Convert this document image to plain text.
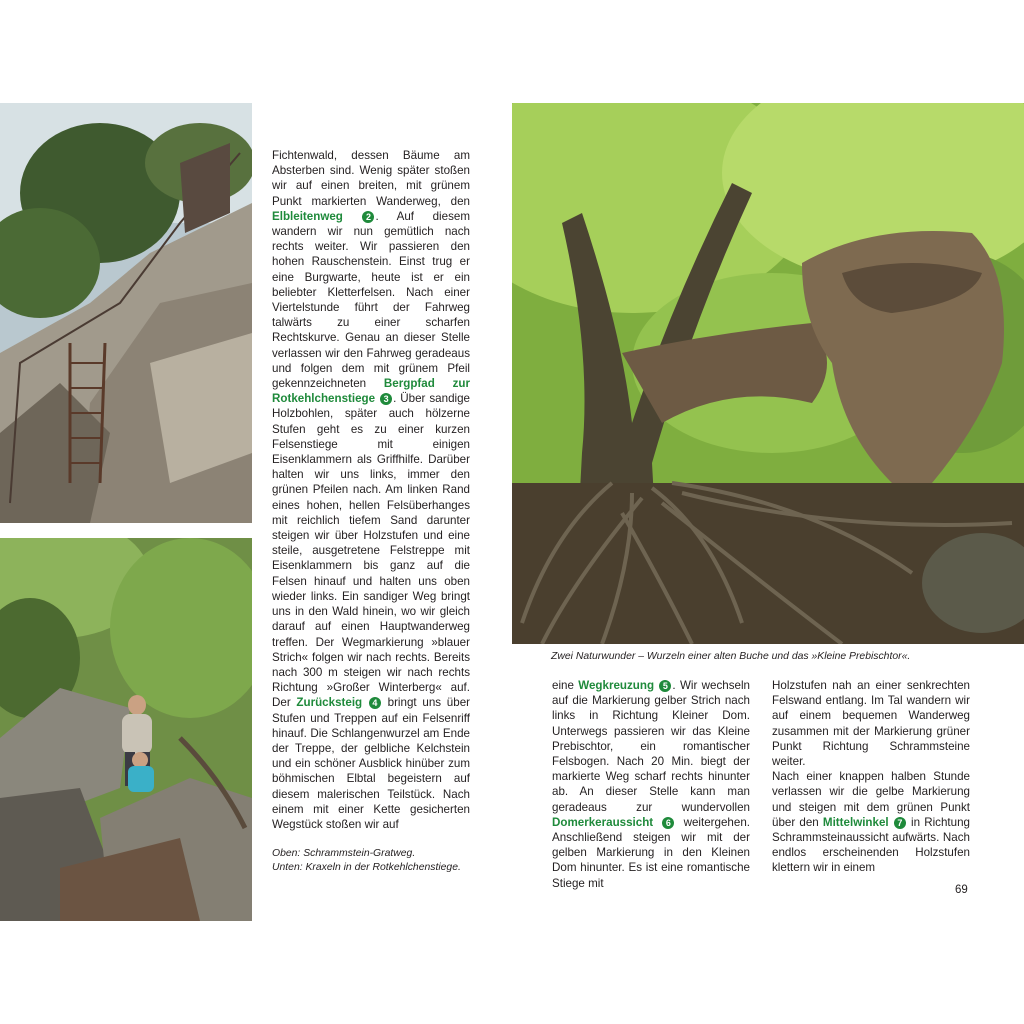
Fichtenwald, dessen Bäume am Absterben sind. Wenig später stoßen wir auf einen breiten, mit grünem Punkt markierten Wanderweg, den Elbleitenweg	2 . Auf diesem wandern wir nun gemütlich nach rechts weiter. Wir passieren den hohen Rauschenstein. Einst trug er eine Burgwarte, heute ist er ein beliebter Kletterfelsen. Nach einer Viertelstunde führt der Fahrweg talwärts zu einer scharfen Rechtskurve. Genau an dieser Stelle verlassen wir den Fahrweg geradeaus und folgen dem mit grünem Pfeil gekennzeichneten Bergpfad zur Rotkehlchenstiege 3 . Über sandige Holzbohlen, später auch hölzerne Stufen geht es zu einer kurzen Felsenstiege mit einigen Eisenklammern als Griffhilfe. Darüber halten wir uns links, immer den grünen Pfeilen nach. Am linken Rand eines hohen, hellen Felsüberhanges mit reichlich tiefem Sand darunter steigen wir über Holzstufen und eine steile, ausgetretene Felstreppe mit Eisenklammern bis ganz auf die Felsen hinauf und halten uns oben wieder links. Ein sandiger Weg bringt uns in den Wald hinein, wo wir gleich darauf auf einen Hauptwanderweg treffen. Der Wegmarkierung »blauer Strich« folgen wir nach rechts. Bereits nach 300 m steigen wir nach rechts Richtung »Großer Winterberg« auf. Der Zurücksteig 4 bringt uns über Stufen und Treppen auf ein Felsenriff hinauf. Die Schlangenwurzel am Ende der Treppe, der gelbliche Kelchstein und ein schöner Ausblick hinüber zum böhmischen Elbtal begeistern auf diesem malerischen Teilstück. Nach einem mit einer Kette gesicherten Wegstück stoßen wir auf

Oben: Schrammstein-Gratweg.
Unten: Kraxeln in der Rotkehlchenstiege.
Zwei Naturwunder – Wurzeln einer alten Buche und das »Kleine Prebischtor«.

eine Wegkreuzung 5 . Wir wechseln auf die Markierung gelber Strich nach links in Richtung Kleiner Dom. Unterwegs passieren wir das Kleine Prebischtor, ein romantischer Felsbogen. Nach 20 Min. biegt der markierte Weg scharf rechts hinunter ab. An dieser Stelle kann man geradeaus zur wundervollen Domerkeraussicht 6 weitergehen. Anschließend steigen wir mit der gelben Markierung in den Kleinen Dom hinunter. Es ist eine romantische Stiege mit

Holzstufen nah an einer senkrechten Felswand entlang. Im Tal wandern wir auf einem bequemen Wanderweg zusammen mit der Markierung grüner Punkt Richtung Schrammsteine weiter.

Nach einer knappen halben Stunde verlassen wir die gelbe Markierung und steigen mit dem grünen Punkt über den Mittelwinkel 7 in Richtung Schrammsteinaussicht aufwärts. Nach endlos erscheinenden Holzstufen klettern wir in einem

69
